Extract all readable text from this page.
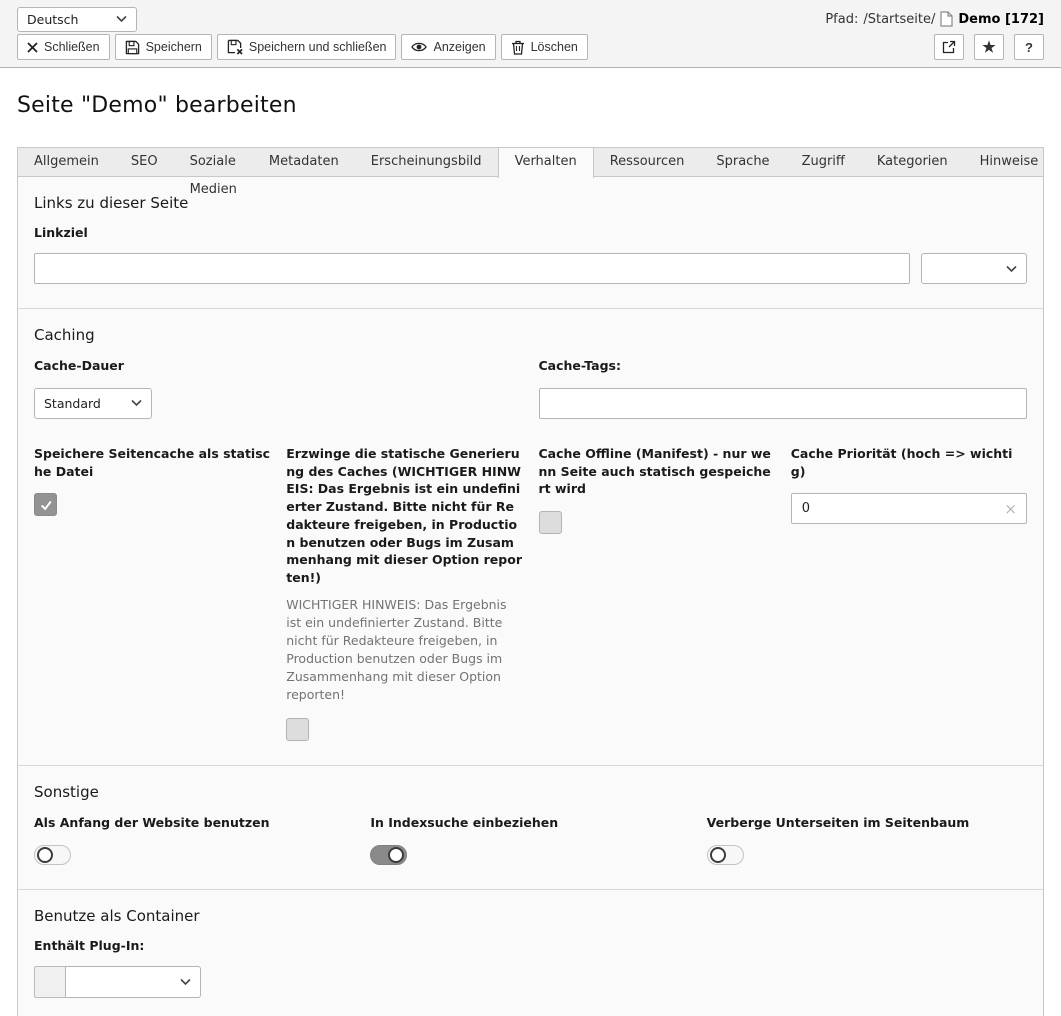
Deutsch	Pfad: /Startseite/ Demo [172]
Schließen	Speichern	Speichern und schließen	Anzeigen	Löschen	★ ?
Seite "Demo" bearbeiten
Allgemein	SEO	Soziale Medien
Metadaten	Erscheinungsbild	Verhalten	Ressourcen	Sprache	Zugriff	Kategorien	Hinweise
Links zu dieser Seite
Linkziel
Caching
Cache-Dauer
Standard
Cache-Tags:
Speichere Seitencache als statische Datei
Erzwinge die statische Generierung des Caches (WICHTIGER HINWEIS: Das Ergebnis ist ein undefinierter Zustand. Bitte nicht für Redakteure freigeben, in Production benutzen oder Bugs im Zusammenhang mit dieser Option reporten!)
WICHTIGER HINWEIS: Das Ergebnis ist ein undefinierter Zustand. Bitte nicht für Redakteure freigeben, in Production benutzen oder Bugs im Zusammenhang mit dieser Option reporten!
Cache Offline (Manifest) - nur wenn Seite auch statisch gespeichert wird
Cache Priorität (hoch => wichtig)
0
×
Sonstige
Als Anfang der Website benutzen	In Indexsuche einbeziehen	Verberge Unterseiten im Seitenbaum
Benutze als Container
Enthält Plug-In:
